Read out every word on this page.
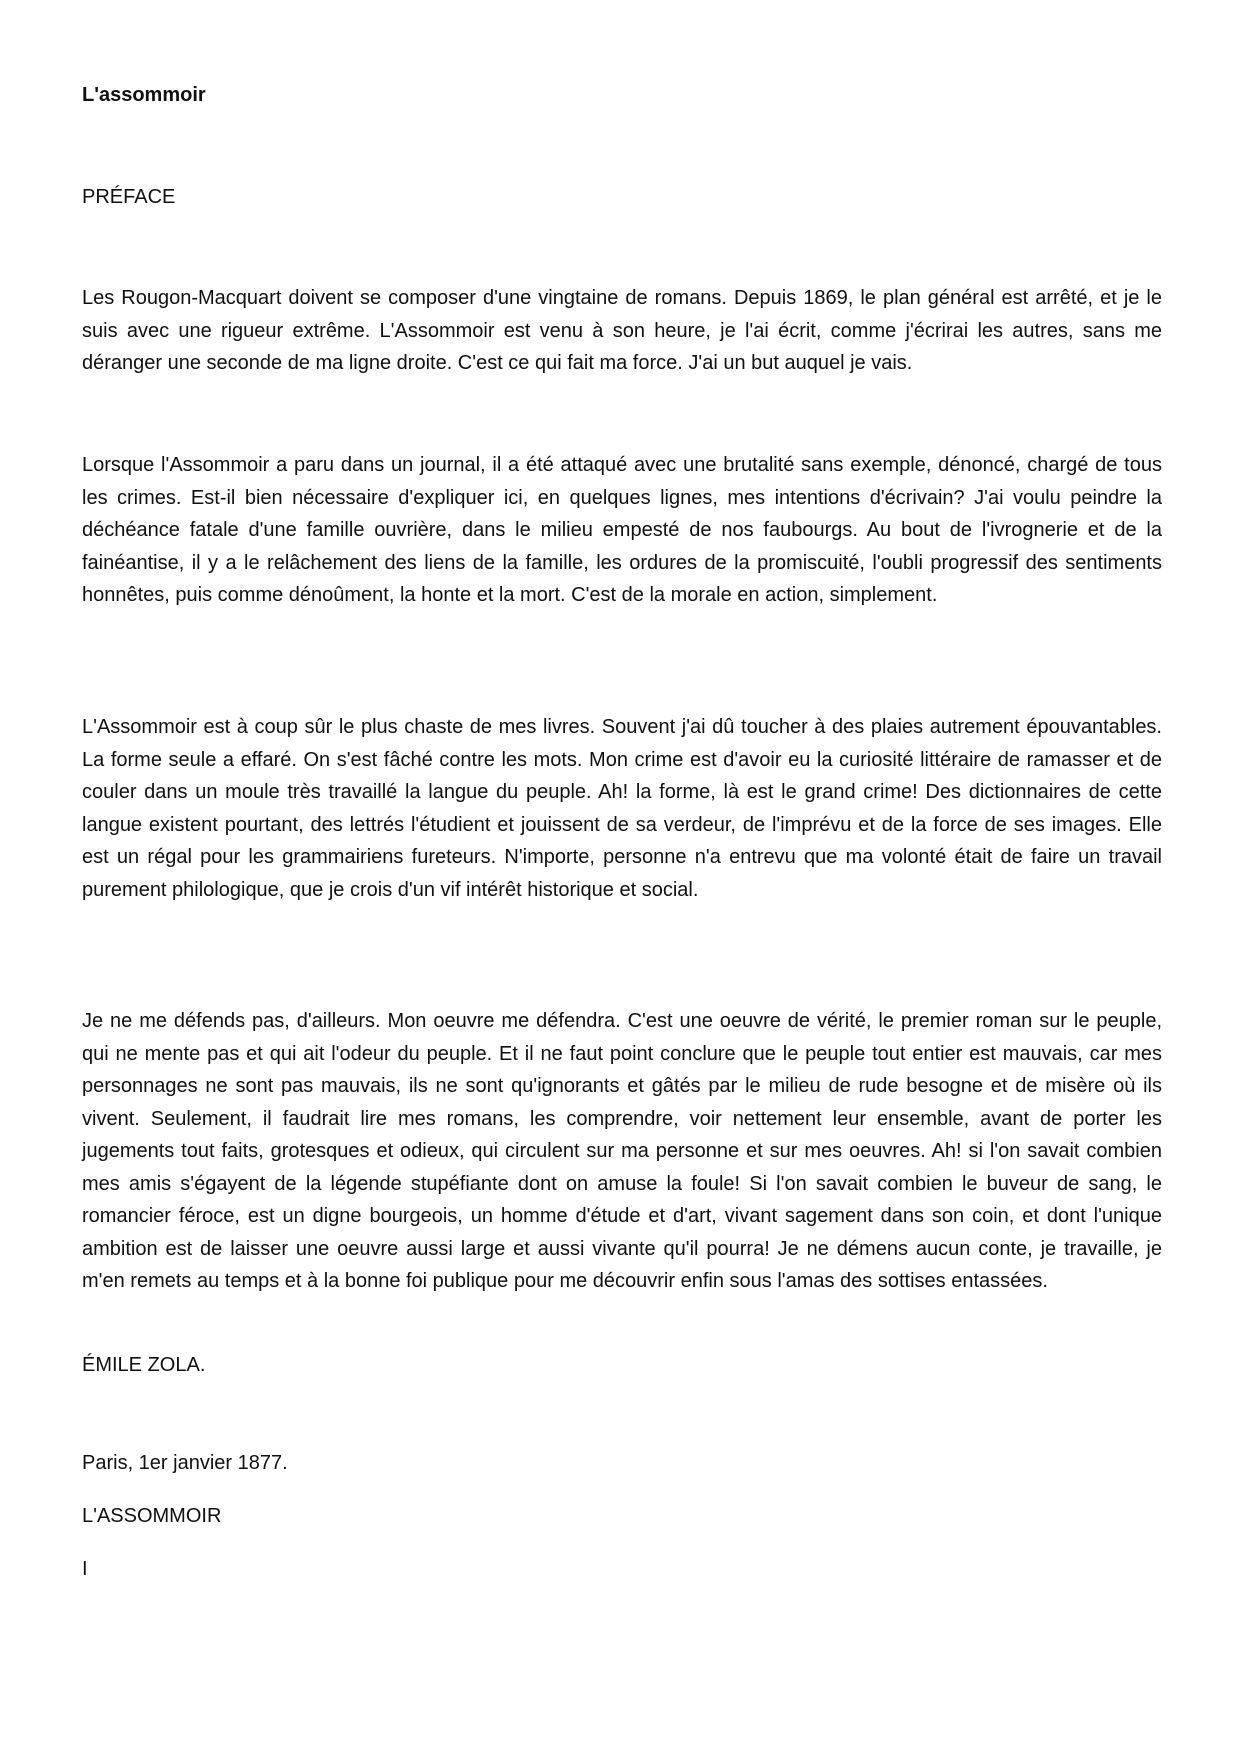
L'assommoir

PRÉFACE

Les Rougon-Macquart doivent se composer d'une vingtaine de romans. Depuis 1869, le plan général est arrêté, et je le suis avec une rigueur extrême. L'Assommoir est venu à son heure, je l'ai écrit, comme j'écrirai les autres, sans me déranger une seconde de ma ligne droite. C'est ce qui fait ma force. J'ai un but auquel je vais.

Lorsque l'Assommoir a paru dans un journal, il a été attaqué avec une brutalité sans exemple, dénoncé, chargé de tous les crimes. Est-il bien nécessaire d'expliquer ici, en quelques lignes, mes intentions d'écrivain? J'ai voulu peindre la déchéance fatale d'une famille ouvrière, dans le milieu empesté de nos faubourgs. Au bout de l'ivrognerie et de la fainéantise, il y a le relâchement des liens de la famille, les ordures de la promiscuité, l'oubli progressif des sentiments honnêtes, puis comme dénoûment, la honte et la mort. C'est de la morale en action, simplement.

L'Assommoir est à coup sûr le plus chaste de mes livres. Souvent j'ai dû toucher à des plaies autrement épouvantables. La forme seule a effaré. On s'est fâché contre les mots. Mon crime est d'avoir eu la curiosité littéraire de ramasser et de couler dans un moule très travaillé la langue du peuple. Ah! la forme, là est le grand crime! Des dictionnaires de cette langue existent pourtant, des lettrés l'étudient et jouissent de sa verdeur, de l'imprévu et de la force de ses images. Elle est un régal pour les grammairiens fureteurs. N'importe, personne n'a entrevu que ma volonté était de faire un travail purement philologique, que je crois d'un vif intérêt historique et social.

Je ne me défends pas, d'ailleurs. Mon oeuvre me défendra. C'est une oeuvre de vérité, le premier roman sur le peuple, qui ne mente pas et qui ait l'odeur du peuple. Et il ne faut point conclure que le peuple tout entier est mauvais, car mes personnages ne sont pas mauvais, ils ne sont qu'ignorants et gâtés par le milieu de rude besogne et de misère où ils vivent. Seulement, il faudrait lire mes romans, les comprendre, voir nettement leur ensemble, avant de porter les jugements tout faits, grotesques et odieux, qui circulent sur ma personne et sur mes oeuvres. Ah! si l'on savait combien mes amis s'égayent de la légende stupéfiante dont on amuse la foule! Si l'on savait combien le buveur de sang, le romancier féroce, est un digne bourgeois, un homme d'étude et d'art, vivant sagement dans son coin, et dont l'unique ambition est de laisser une oeuvre aussi large et aussi vivante qu'il pourra! Je ne démens aucun conte, je travaille, je m'en remets au temps et à la bonne foi publique pour me découvrir enfin sous l'amas des sottises entassées.

ÉMILE ZOLA.

Paris, 1er janvier 1877.

L'ASSOMMOIR

I
